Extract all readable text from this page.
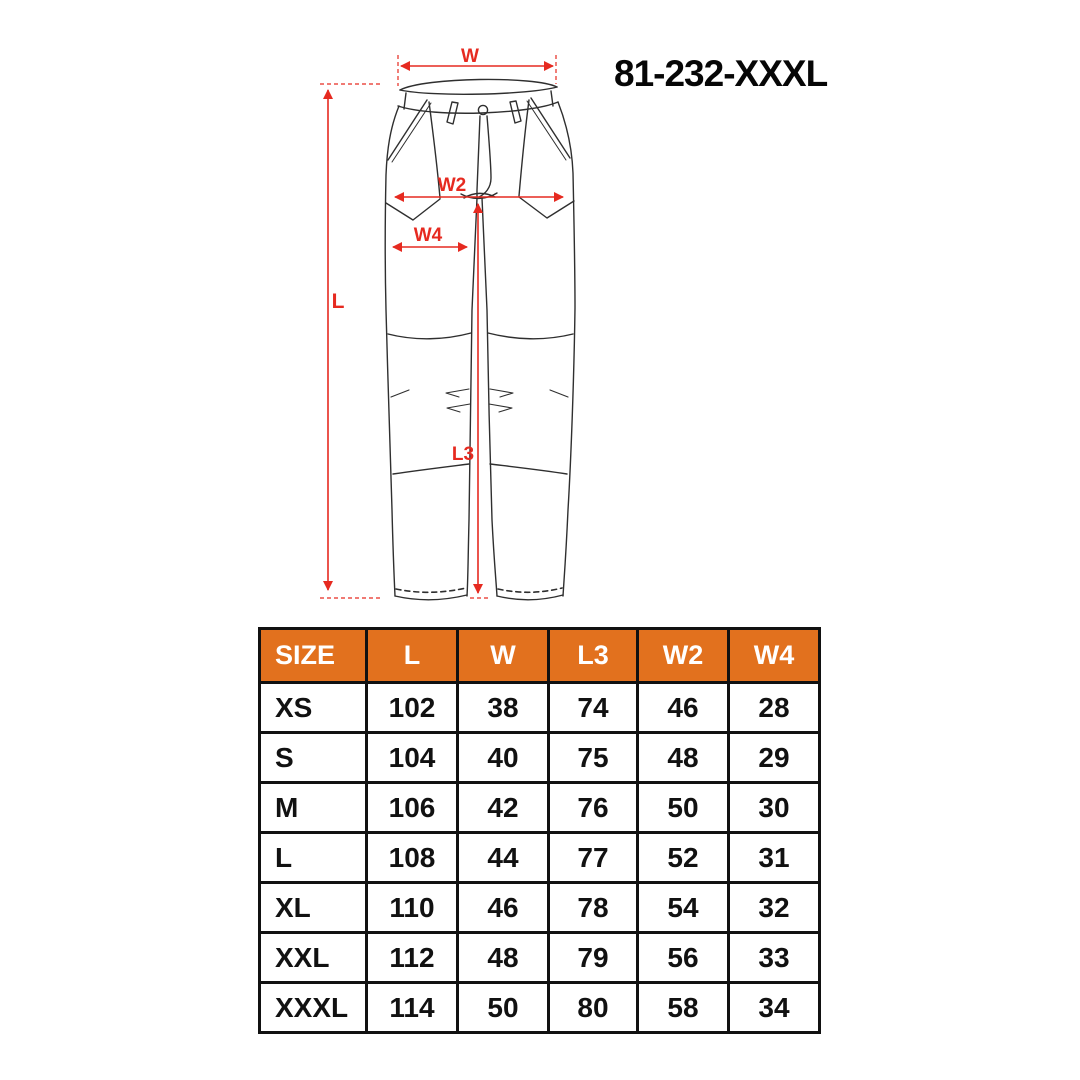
81-232-XXXL
W
L
W2
W4
L3
SIZE	L	W	L3	W2	W4
XS	102	38	74	46	28
S	104	40	75	48	29
M	106	42	76	50	30
L	108	44	77	52	31
XL	110	46	78	54	32
XXL	112	48	79	56	33
XXXL	114	50	80	58	34
